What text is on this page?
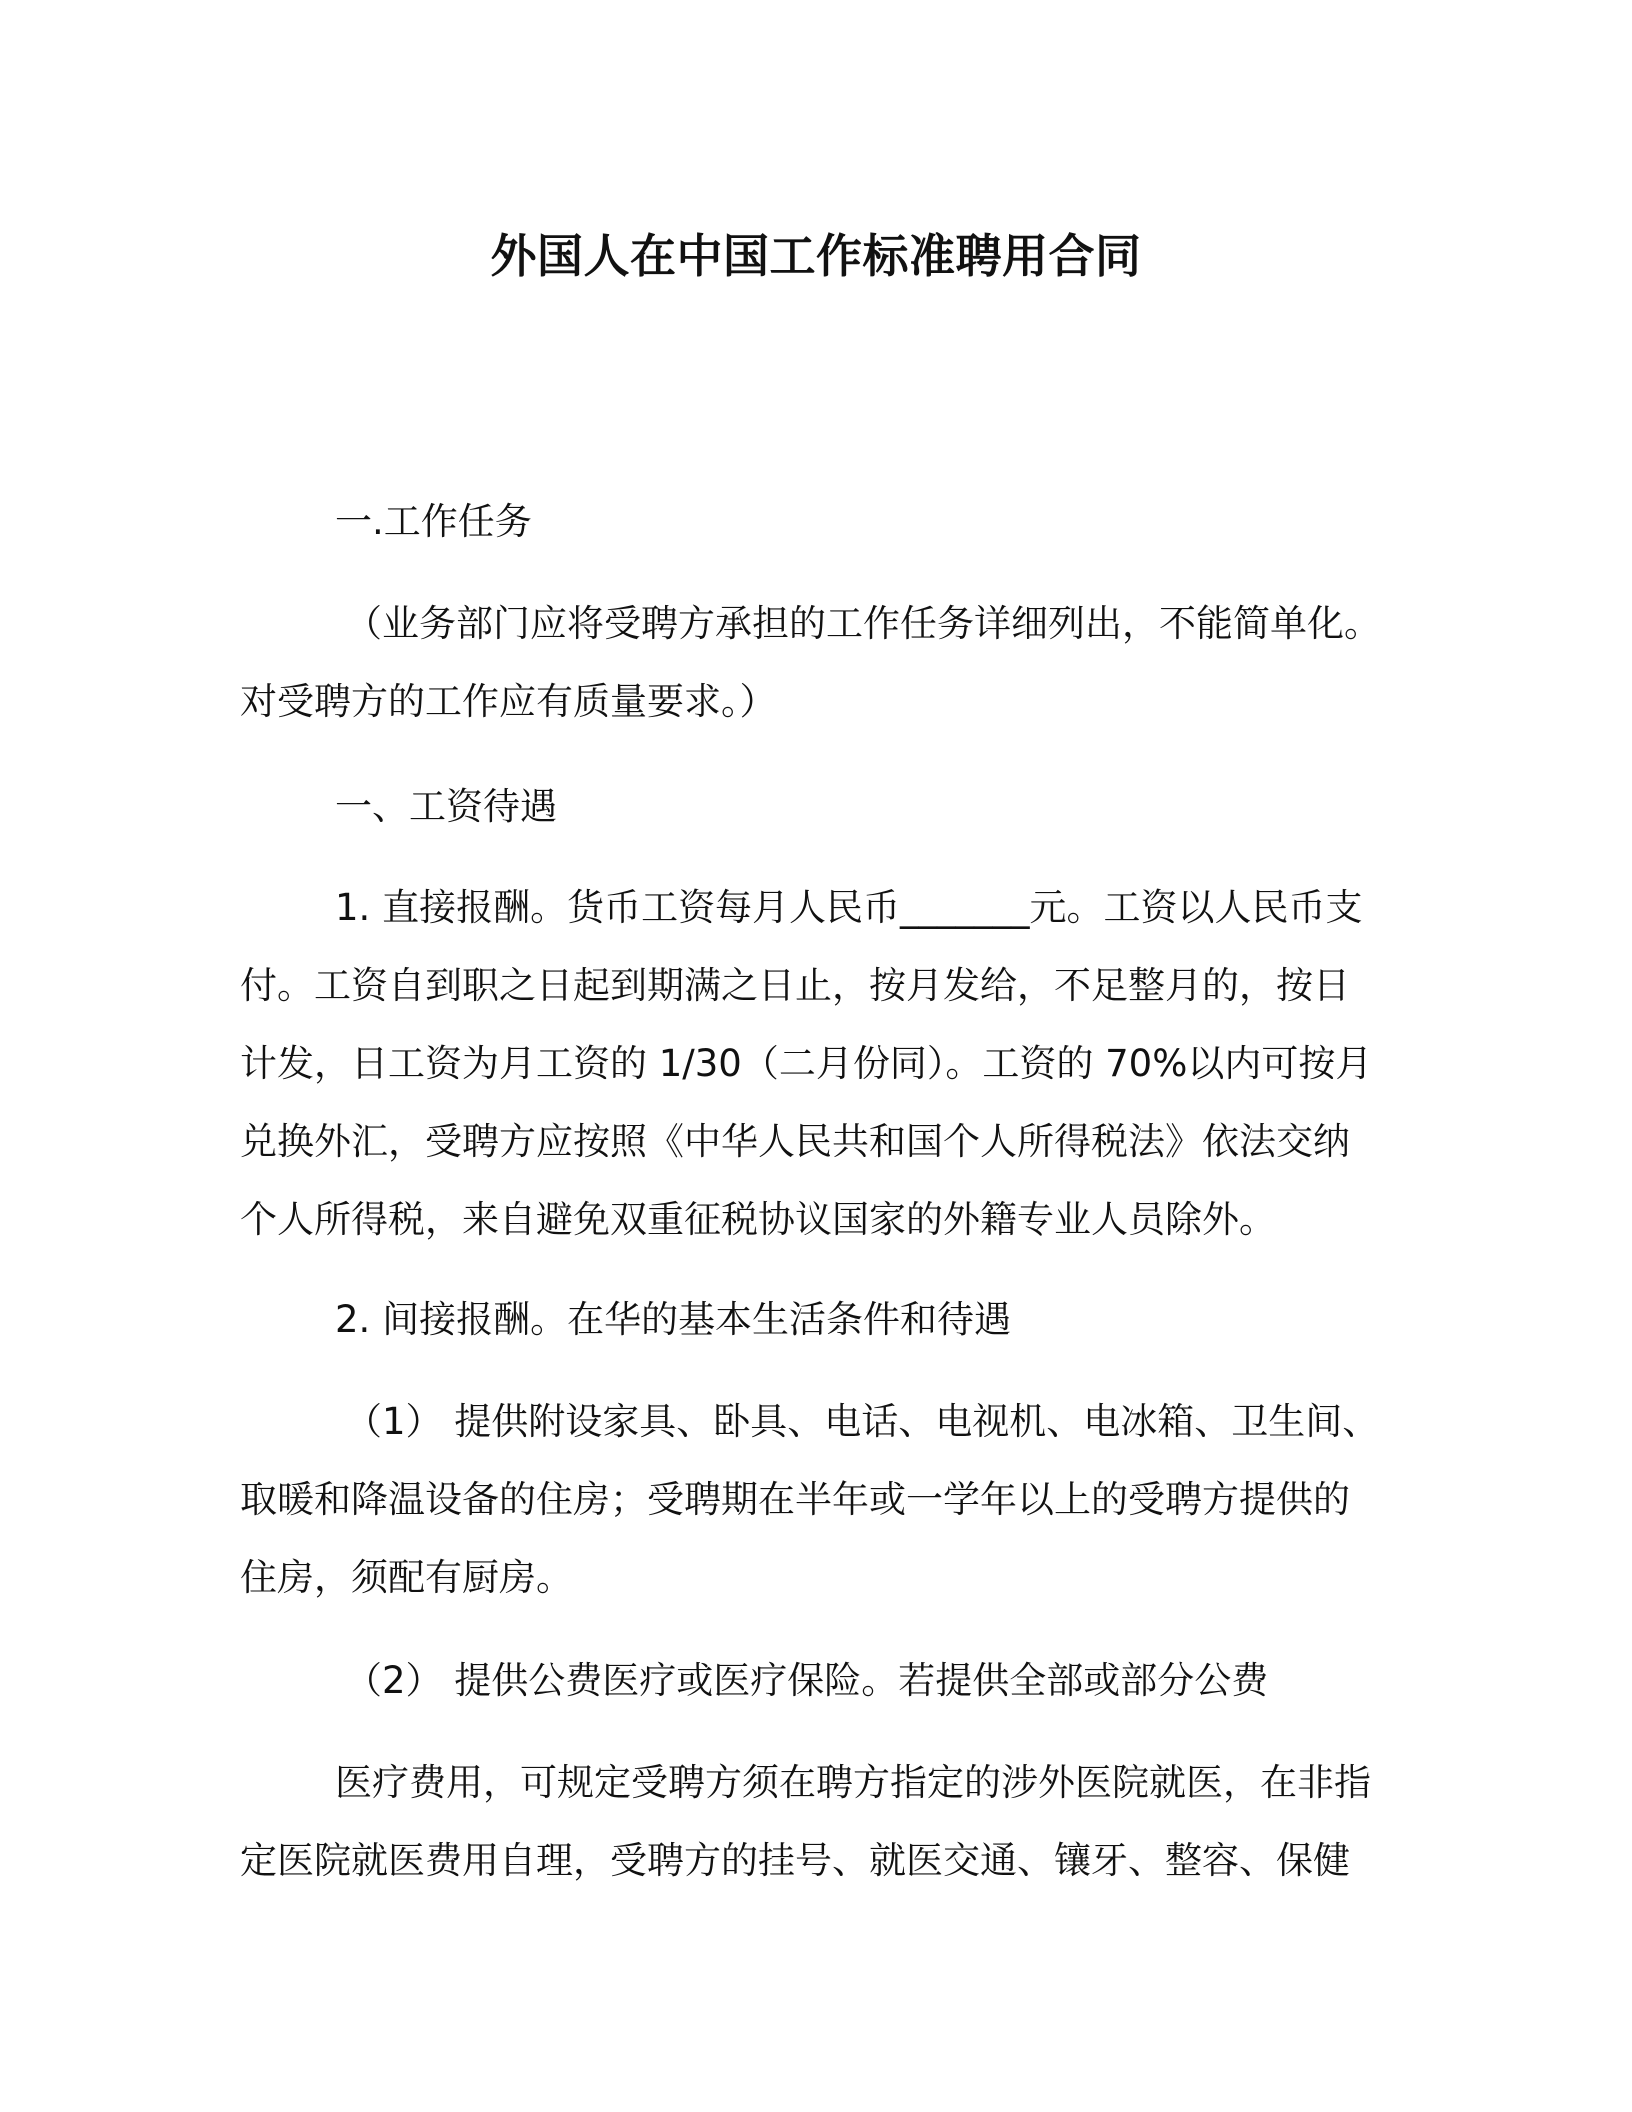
外国人在中国工作标准聘用合同
一.工作任务
（业务部门应将受聘方承担的工作任务详细列出，不能简单化。
对受聘方的工作应有质量要求。）
一、工资待遇
1. 直接报酬。货币工资每月人民币_______元。工资以人民币支
付。工资自到职之日起到期满之日止，按月发给，不足整月的，按日
计发，日工资为月工资的 1/30（二月份同）。工资的 70%以内可按月
兑换外汇，受聘方应按照《中华人民共和国个人所得税法》依法交纳
个人所得税，来自避免双重征税协议国家的外籍专业人员除外。
2. 间接报酬。在华的基本生活条件和待遇
（1） 提供附设家具、卧具、电话、电视机、电冰箱、卫生间、
取暖和降温设备的住房；受聘期在半年或一学年以上的受聘方提供的
住房，须配有厨房。
（2） 提供公费医疗或医疗保险。若提供全部或部分公费
医疗费用，可规定受聘方须在聘方指定的涉外医院就医，在非指
定医院就医费用自理，受聘方的挂号、就医交通、镶牙、整容、保健
